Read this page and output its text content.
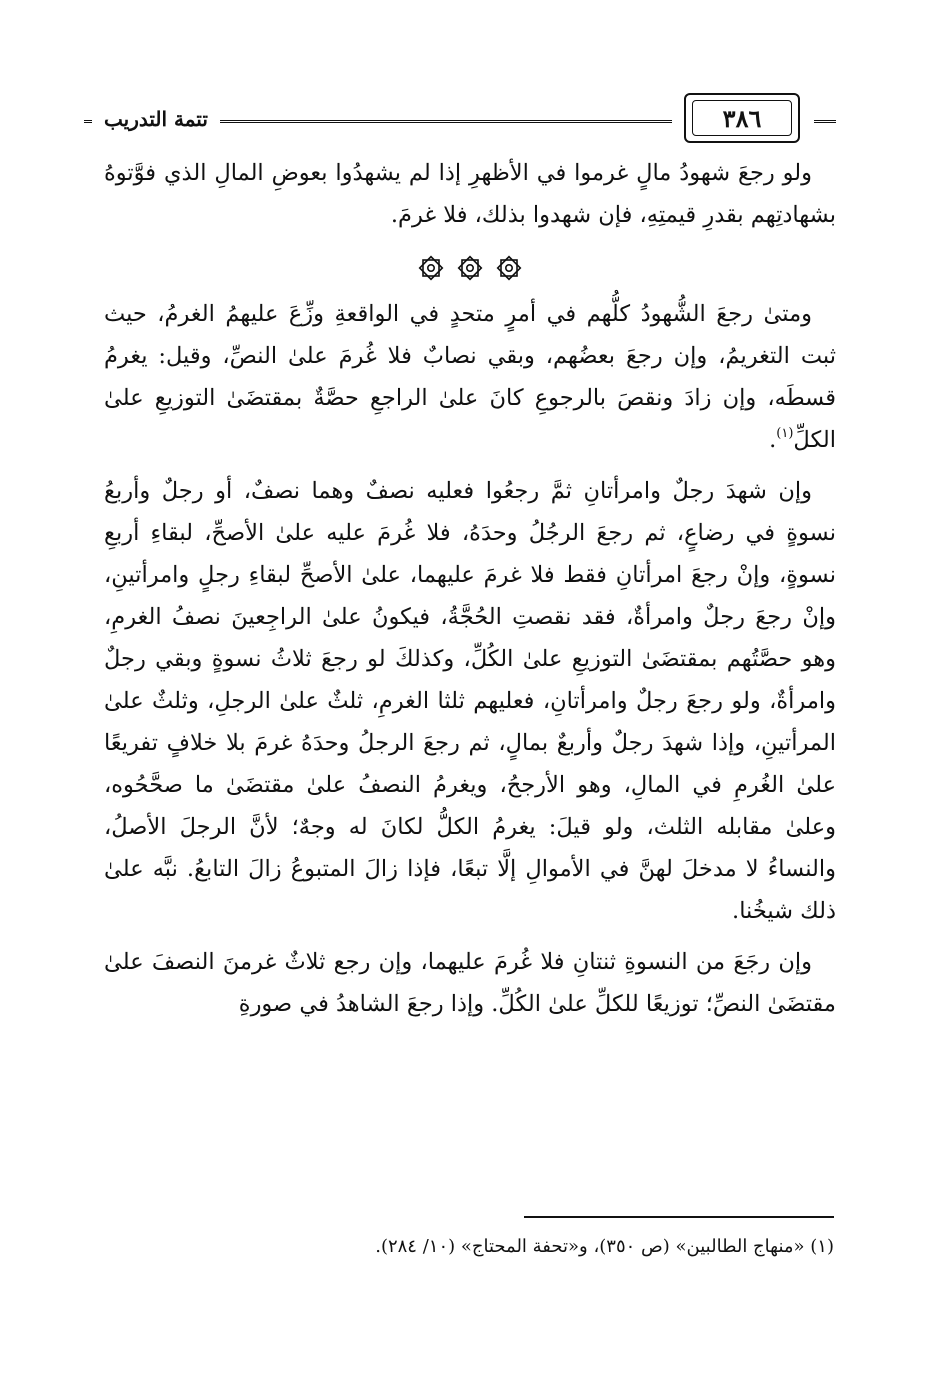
تتمة التدريب	٣٨٦

ولو رجعَ شهودُ مالٍ غرموا في الأظهرِ إذا لم يشهدُوا بعوضِ المالِ الذي فوَّتوهُ بشهادتِهم بقدرِ قيمتِهِ، فإن شهدوا بذلك، فلا غرمَ.

ومتىٰ رجعَ الشُّهودُ كلُّهم في أمرٍ متحدٍ في الواقعةِ وزِّعَ عليهمُ الغرمُ، حيث ثبت التغريمُ، وإن رجعَ بعضُهم، وبقي نصابٌ فلا غُرمَ علىٰ النصِّ، وقيل: يغرمُ قسطَه، وإن زادَ ونقصَ بالرجوعِ كانَ علىٰ الراجعِ حصَّةٌ بمقتضَىٰ التوزيعِ علىٰ الكلِّ$^{(١)}$.

وإن شهدَ رجلٌ وامرأتانِ ثمَّ رجعُوا فعليه نصفٌ وهما نصفٌ، أو رجلٌ وأربعُ نسوةٍ في رضاعٍ، ثم رجعَ الرجُلُ وحدَهُ، فلا غُرمَ عليه علىٰ الأصحِّ، لبقاءِ أربعِ نسوةٍ، وإنْ رجعَ امرأتانِ فقط فلا غرمَ عليهما، علىٰ الأصحِّ لبقاءِ رجلٍ وامرأتينِ، وإنْ رجعَ رجلٌ وامرأةٌ، فقد نقصتِ الحُجَّةُ، فيكونُ علىٰ الراجِعينَ نصفُ الغرمِ، وهو حصَّتُهم بمقتضَىٰ التوزيعِ علىٰ الكُلِّ، وكذلكَ لو رجعَ ثلاثُ نسوةٍ وبقي رجلٌ وامرأةٌ، ولو رجعَ رجلٌ وامرأتانِ، فعليهم ثلثا الغرمِ، ثلثٌ علىٰ الرجلِ، وثلثٌ علىٰ المرأتينِ، وإذا شهدَ رجلٌ وأربعٌ بمالٍ، ثم رجعَ الرجلُ وحدَهُ غرمَ بلا خلافٍ تفريعًا علىٰ الغُرمِ في المالِ، وهو الأرجحُ، ويغرمُ النصفُ علىٰ مقتضَىٰ ما صحَّحُوه، وعلىٰ مقابله الثلث، ولو قيلَ: يغرمُ الكلُّ لكانَ له وجهٌ؛ لأنَّ الرجلَ الأصلُ، والنساءُ لا مدخلَ لهنَّ في الأموالِ إلَّا تبعًا، فإذا زالَ المتبوعُ زالَ التابعُ. نبَّه علىٰ ذلك شيخُنا.

وإن رجَعَ من النسوةِ ثنتانِ فلا غُرمَ عليهما، وإن رجع ثلاثٌ غرمنَ النصفَ علىٰ مقتضَىٰ النصِّ؛ توزيعًا للكلِّ علىٰ الكُلِّ. وإذا رجعَ الشاهدُ في صورةِ

(١) «منهاج الطالبين» (ص ٣٥٠)، و«تحفة المحتاج» (١٠/ ٢٨٤).
